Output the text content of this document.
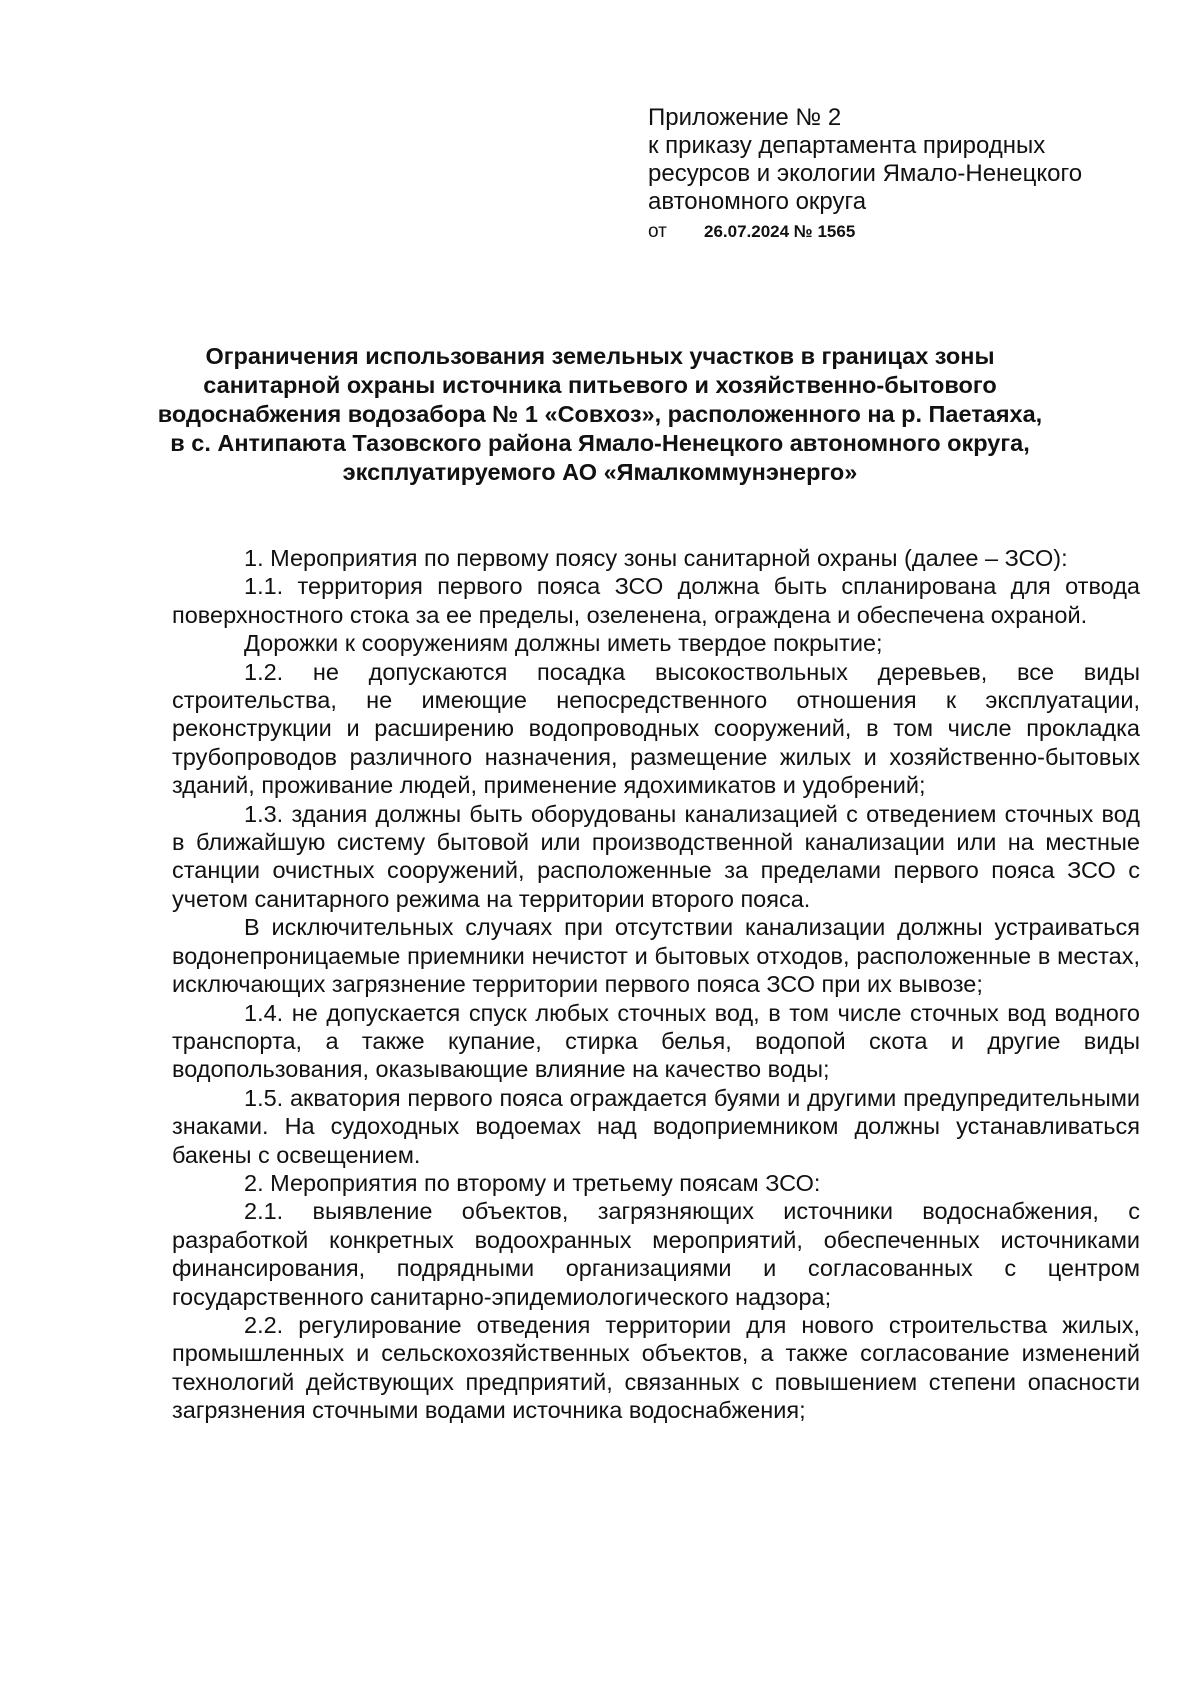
Приложение № 2
к приказу департамента природных
ресурсов и экологии Ямало-Ненецкого
автономного округа
от 26.07.2024 № 1565
Ограничения использования земельных участков в границах зоны санитарной охраны источника питьевого и хозяйственно-бытового водоснабжения водозабора № 1 «Совхоз», расположенного на р. Паетаяха, в с. Антипаюта Тазовского района Ямало-Ненецкого автономного округа, эксплуатируемого АО «Ямалкоммунэнерго»

1. Мероприятия по первому поясу зоны санитарной охраны (далее – ЗСО):

1.1. территория первого пояса ЗСО должна быть спланирована для отвода поверхностного стока за ее пределы, озеленена, ограждена и обеспечена охраной.

Дорожки к сооружениям должны иметь твердое покрытие;

1.2. не допускаются посадка высокоствольных деревьев, все виды строительства, не имеющие непосредственного отношения к эксплуатации, реконструкции и расширению водопроводных сооружений, в том числе прокладка трубопроводов различного назначения, размещение жилых и хозяйственно-бытовых зданий, проживание людей, применение ядохимикатов и удобрений;

1.3. здания должны быть оборудованы канализацией с отведением сточных вод в ближайшую систему бытовой или производственной канализации или на местные станции очистных сооружений, расположенные за пределами первого пояса ЗСО с учетом санитарного режима на территории второго пояса.

В исключительных случаях при отсутствии канализации должны устраиваться водонепроницаемые приемники нечистот и бытовых отходов, расположенные в местах, исключающих загрязнение территории первого пояса ЗСО при их вывозе;

1.4. не допускается спуск любых сточных вод, в том числе сточных вод водного транспорта, а также купание, стирка белья, водопой скота и другие виды водопользования, оказывающие влияние на качество воды;

1.5. акватория первого пояса ограждается буями и другими предупредительными знаками. На судоходных водоемах над водоприемником должны устанавливаться бакены с освещением.

2. Мероприятия по второму и третьему поясам ЗСО:

2.1. выявление объектов, загрязняющих источники водоснабжения, с разработкой конкретных водоохранных мероприятий, обеспеченных источниками финансирования, подрядными организациями и согласованных с центром государственного санитарно-эпидемиологического надзора;

2.2. регулирование отведения территории для нового строительства жилых, промышленных и сельскохозяйственных объектов, а также согласование изменений технологий действующих предприятий, связанных с повышением степени опасности загрязнения сточными водами источника водоснабжения;
